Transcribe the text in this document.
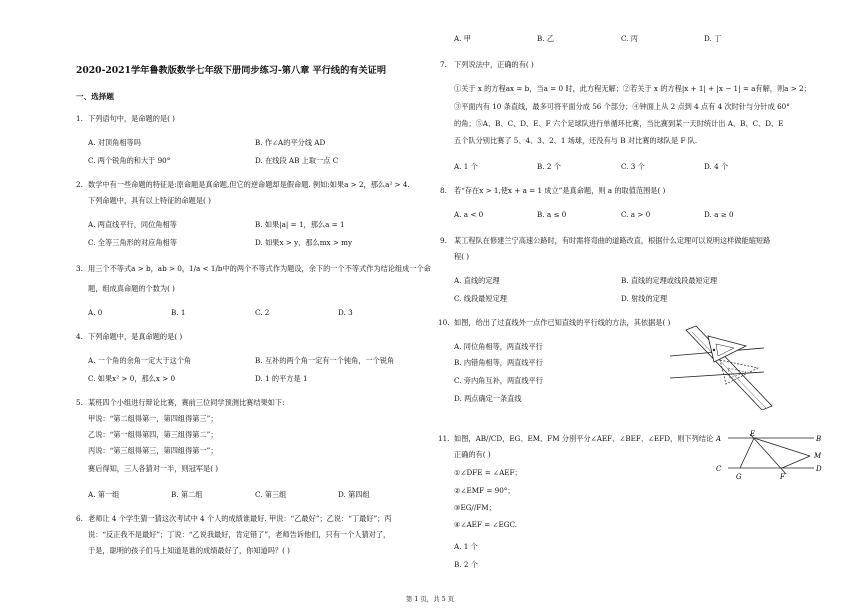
2020-2021学年鲁教版数学七年级下册同步练习-第八章 平行线的有关证明
一、选择题
1. 下列语句中，是命题的是( )
A. 对顶角相等吗	B. 作∠A的平分线 AD
C. 两个锐角的和大于 90°	D. 在线段 AB 上取一点 C
2. 数学中有一些命题的特征是:原命题是真命题,但它的逆命题却是假命题. 例如:如果a > 2，那么a² > 4.
下列命题中，具有以上特征的命题是( )
A. 两直线平行，同位角相等	B. 如果|a| = 1，那么a = 1
C. 全等三角形的对应角相等	D. 如果x > y，那么mx > my
3. 用三个不等式a > b，ab > 0，1/a < 1/b中的两个不等式作为题设，余下的一个不等式作为结论组成一个命
题，组成真命题的个数为( )
A. 0	B. 1	C. 2	D. 3
4. 下列命题中，是真命题的是( )
A. 一个角的余角一定大于这个角	B. 互补的两个角一定有一个钝角，一个锐角
C. 如果x² > 0，那么x > 0	D. 1 的平方是 1
5. 某班四个小组进行辩论比赛，赛前三位同学预测比赛结果如下:
甲说：“第二组得第一，第四组得第三”；
乙说：“第一组得第四，第三组得第二”；
丙说：“第三组得第三，第四组得第一”；
赛后得知，三人各猜对一半，则冠军是( )
A. 第一组	B. 第二组	C. 第三组	D. 第四组
6. 老师让 4 个学生猜一猜这次考试中 4 个人的成绩谁最好. 甲说：“乙最好”；乙说：“丁最好”；丙
说：“反正我不是最好”；丁说：“乙说我最好，肯定错了”，老师告诉他们，只有一个人猜对了，
于是，聪明的孩子们马上知道是谁的成绩最好了，你知道吗？( )
A. 甲	B. 乙	C. 丙	D. 丁
7. 下列说法中，正确的有( )
①关于 x 的方程ax = b，当a = 0 时，此方程无解；②若关于 x 的方程|x + 1| + |x − 1| = a有解，则a > 2；
③平面内有 10 条直线，最多可将平面分成 56 个部分；④钟面上从 2 点到 4 点有 4 次时针与分针成 60°
的角；⑤A、B、C、D、E、F 六个足球队进行单循环比赛，当比赛到某一天时统计出 A、B、C、D、E
五个队分别比赛了 5、4、3、2、1 场球，还没有与 B 对比赛的球队是 F 队.
A. 1 个	B. 2 个	C. 3 个	D. 4 个
8. 若“存在x > 1,使x + a = 1 成立”是真命题，则 a 的取值范围是( )
A. a < 0	B. a ≤ 0	C. a > 0	D. a ≥ 0
9. 某工程队在修建兰宁高速公路时，有时需将弯曲的道路改直，根据什么定理可以说明这样做能缩短路
程( )
A. 直线的定理	B. 直线的定理或线段最短定理
C. 线段最短定理	D. 射线的定理
10. 如图，给出了过直线外一点作已知直线的平行线的方法，其依据是( )
A. 同位角相等，两直线平行
B. 内错角相等，两直线平行
C. 旁内角互补，两直线平行
D. 两点确定一条直线
11. 如图，AB//CD，EG、EM、FM 分别平分∠AEF、∠BEF、∠EFD，则下列结论
正确的有( )
①∠DFE = ∠AEF；
②∠EMF = 90°；
③EG//FM；
④∠AEF = ∠EGC.
A. 1 个
B. 2 个
A
E
B
M
C
G	F
D
第 1 页，共 5 页
